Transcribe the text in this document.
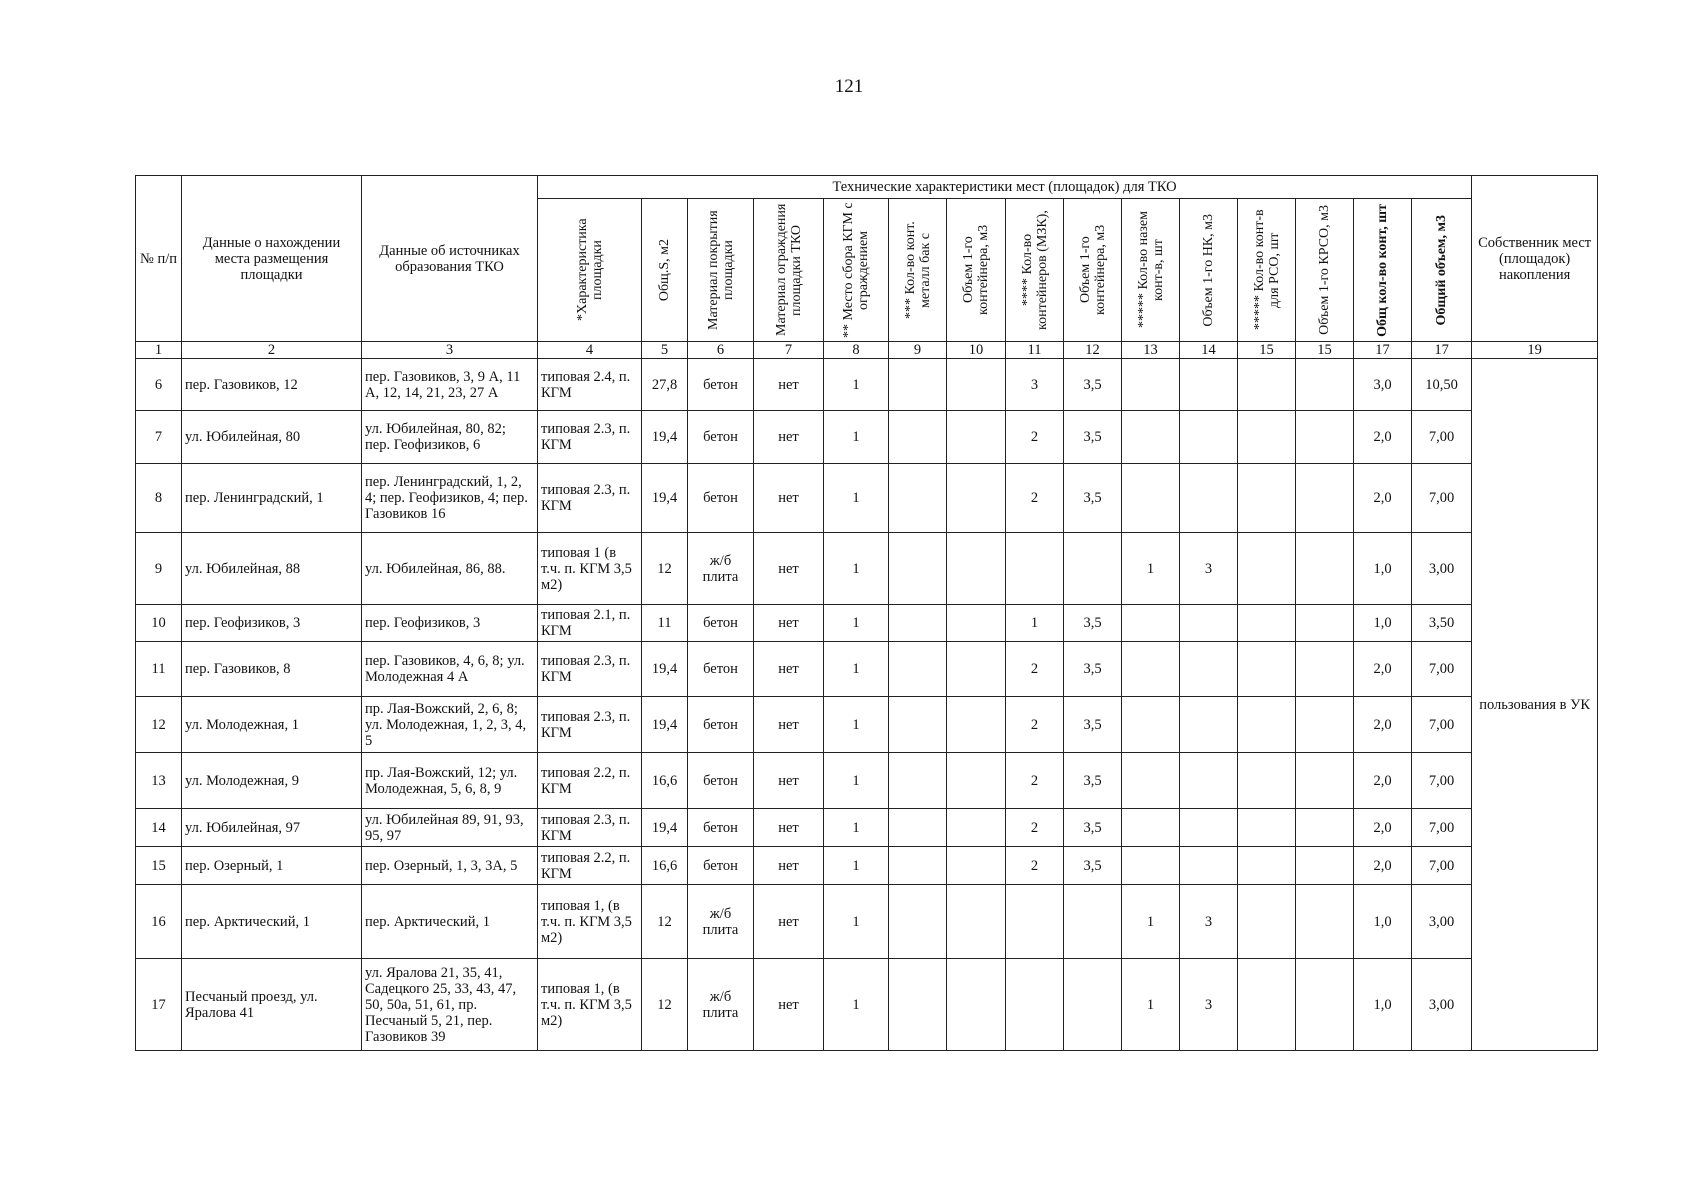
121
№ п/п	Данные о нахождении места размещения площадки	Данные об источниках образования ТКО	Технические характеристики мест (площадок) для ТКО															Собственник мест (площадок) накопления

			*Характеристика площадки	Общ.S, м2	Материал покрытия площадки	Материал ограждения площадки ТКО	** Место сбора КГМ с ограждением	*** Кол-во конт. металл бак с	Объем 1-го контейнера, м3	**** Кол-во контейнеров (МЗК),	Объем 1-го контейнера, м3	***** Кол-во назем конт-в, шт	Объем 1-го НК, м3	***** Кол-во конт-в для РСО, шт	Объем 1-го КРСО, м3	Общ кол-во конт, шт	Общий объем, м3	

1	2	3	4	5	6	7	8	9	10	11	12	13	14	15	15	17	17	19
6	пер. Газовиков, 12	пер. Газовиков, 3, 9 А, 11 А, 12, 14, 21, 23, 27 А	типовая 2.4, п. КГМ	27,8	бетон	нет	1			3	3,5					3,0	10,50	пользования в УК
7	ул. Юбилейная, 80	ул. Юбилейная, 80, 82; пер. Геофизиков, 6	типовая 2.3, п. КГМ	19,4	бетон	нет	1			2	3,5					2,0	7,00	
8	пер. Ленинградский, 1	пер. Ленинградский, 1, 2, 4; пер. Геофизиков, 4; пер. Газовиков 16	типовая 2.3, п. КГМ	19,4	бетон	нет	1			2	3,5					2,0	7,00	
9	ул. Юбилейная, 88	ул. Юбилейная, 86, 88.	типовая 1 (в т.ч. п. КГМ 3,5 м2)	12	ж/б плита	нет	1					1	3			1,0	3,00	
10	пер. Геофизиков, 3	пер. Геофизиков, 3	типовая 2.1, п. КГМ	11	бетон	нет	1			1	3,5					1,0	3,50	
11	пер. Газовиков, 8	пер. Газовиков, 4, 6, 8; ул. Молодежная 4 А	типовая 2.3, п. КГМ	19,4	бетон	нет	1			2	3,5					2,0	7,00	
12	ул. Молодежная, 1	пр. Лая-Вожский, 2, 6, 8; ул. Молодежная, 1, 2, 3, 4, 5	типовая 2.3, п. КГМ	19,4	бетон	нет	1			2	3,5					2,0	7,00	
13	ул. Молодежная, 9	пр. Лая-Вожский, 12; ул. Молодежная, 5, 6, 8, 9	типовая 2.2, п. КГМ	16,6	бетон	нет	1			2	3,5					2,0	7,00	
14	ул. Юбилейная, 97	ул. Юбилейная 89, 91, 93, 95, 97	типовая 2.3, п. КГМ	19,4	бетон	нет	1			2	3,5					2,0	7,00	
15	пер. Озерный, 1	пер. Озерный, 1, 3, 3А, 5	типовая 2.2, п. КГМ	16,6	бетон	нет	1			2	3,5					2,0	7,00	
16	пер. Арктический, 1	пер. Арктический, 1	типовая 1, (в т.ч. п. КГМ 3,5 м2)	12	ж/б плита	нет	1					1	3			1,0	3,00	
17	Песчаный проезд, ул. Яралова 41	ул. Яралова 21, 35, 41, Садецкого 25, 33, 43, 47, 50, 50а, 51, 61, пр. Песчаный 5, 21, пер. Газовиков 39	типовая 1, (в т.ч. п. КГМ 3,5 м2)	12	ж/б плита	нет	1					1	3			1,0	3,00	
